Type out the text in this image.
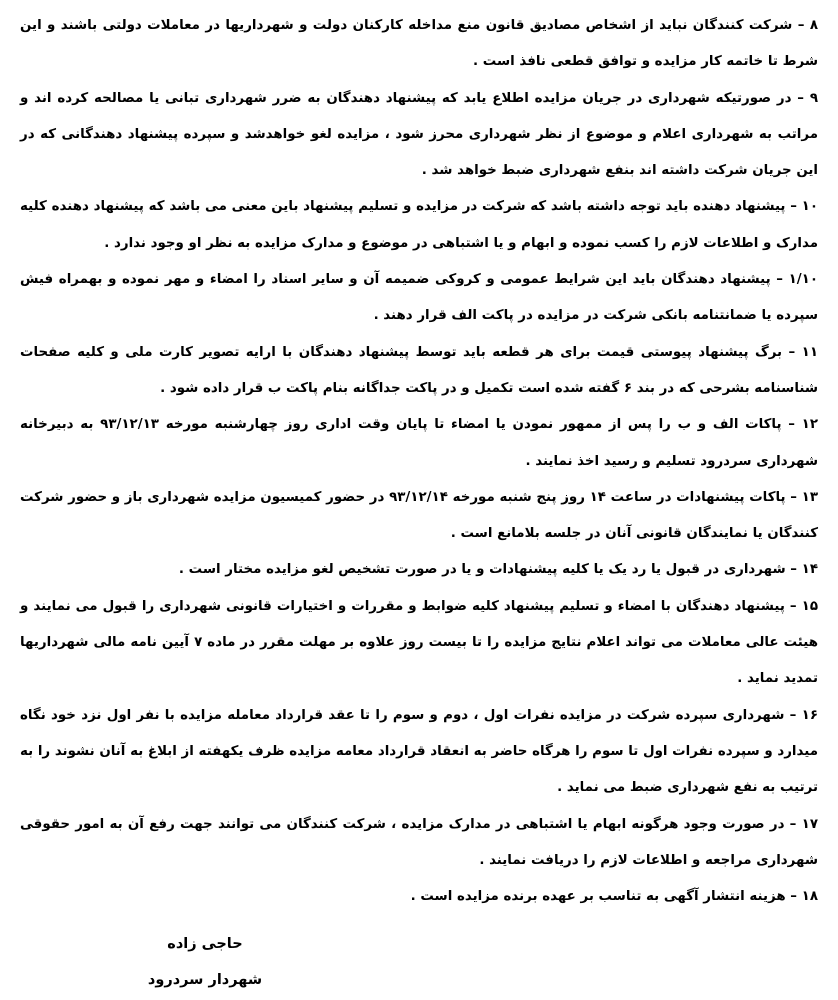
۸ – شرکت کنندگان نباید از اشخاص مصادیق قانون منع مداخله کارکنان دولت و شهرداریها در معاملات دولتی باشند و این شرط تا خاتمه کار مزایده و توافق قطعی نافذ است .
۹ – در صورتیکه شهرداری در جریان مزایده اطلاع یابد که پیشنهاد دهندگان به ضرر شهرداری تبانی یا مصالحه کرده اند و مراتب به شهرداری اعلام و موضوع از نظر شهرداری محرز شود ، مزایده لغو خواهدشد و سپرده پیشنهاد دهندگانی که در این جریان شرکت داشته اند بنفع شهرداری ضبط خواهد شد .
۱۰ – پیشنهاد دهنده باید توجه داشته باشد که شرکت در مزایده و تسلیم پیشنهاد باین معنی می باشد که پیشنهاد دهنده کلیه مدارک و اطلاعات لازم را کسب نموده و ابهام و یا اشتباهی در موضوع و مدارک مزایده به نظر او وجود ندارد .
۱/۱۰ – پیشنهاد دهندگان باید این شرایط عمومی و کروکی ضمیمه آن و سایر اسناد را امضاء و مهر نموده و بهمراه فیش سپرده یا ضمانتنامه بانکی شرکت در مزایده در پاکت الف قرار دهند .
۱۱ – برگ پیشنهاد پیوستی قیمت برای هر قطعه باید توسط پیشنهاد دهندگان با ارایه تصویر کارت ملی و کلیه صفحات شناسنامه بشرحی که در بند ۶ گفته شده است تکمیل و در پاکت جداگانه بنام پاکت ب قرار داده شود .
۱۲ – پاکات الف و ب را پس از ممهور نمودن یا امضاء تا پایان وقت اداری روز چهارشنبه مورخه ۹۳/۱۲/۱۳ به دبیرخانه شهرداری سردرود تسلیم و رسید اخذ نمایند .
۱۳ – پاکات پیشنهادات در ساعت ۱۴ روز پنج شنبه مورخه ۹۳/۱۲/۱۴ در حضور کمیسیون مزایده شهرداری باز و حضور شرکت کنندگان یا نمایندگان قانونی آنان در جلسه بلامانع است .
۱۴ – شهرداری در قبول یا رد یک یا کلیه پیشنهادات و یا در صورت تشخیص لغو مزایده مختار است .
۱۵ – پیشنهاد دهندگان با امضاء و تسلیم پیشنهاد کلیه ضوابط و مقررات و اختیارات قانونی شهرداری را قبول می نمایند و هیئت عالی معاملات می تواند اعلام نتایج مزایده را تا بیست روز علاوه بر مهلت مقرر در ماده ۷ آیین نامه مالی شهرداریها تمدید نماید .
۱۶ – شهرداری سپرده شرکت در مزایده نفرات اول ، دوم و سوم را تا عقد قرارداد معامله مزایده با نفر اول نزد خود نگاه میدارد و سپرده نفرات اول تا سوم را هرگاه حاضر به انعقاد قرارداد معامه مزایده ظرف یکهفته از ابلاغ به آنان نشوند را به ترتیب به نفع شهرداری ضبط می نماید .
۱۷ – در صورت وجود هرگونه ابهام یا اشتباهی در مدارک مزایده ، شرکت کنندگان می توانند جهت رفع آن به امور حقوقی شهرداری مراجعه و اطلاعات لازم را دریافت نمایند .
۱۸ – هزینه انتشار آگهی به تناسب بر عهده برنده مزایده است .
حاجی زاده
شهردار سردرود
